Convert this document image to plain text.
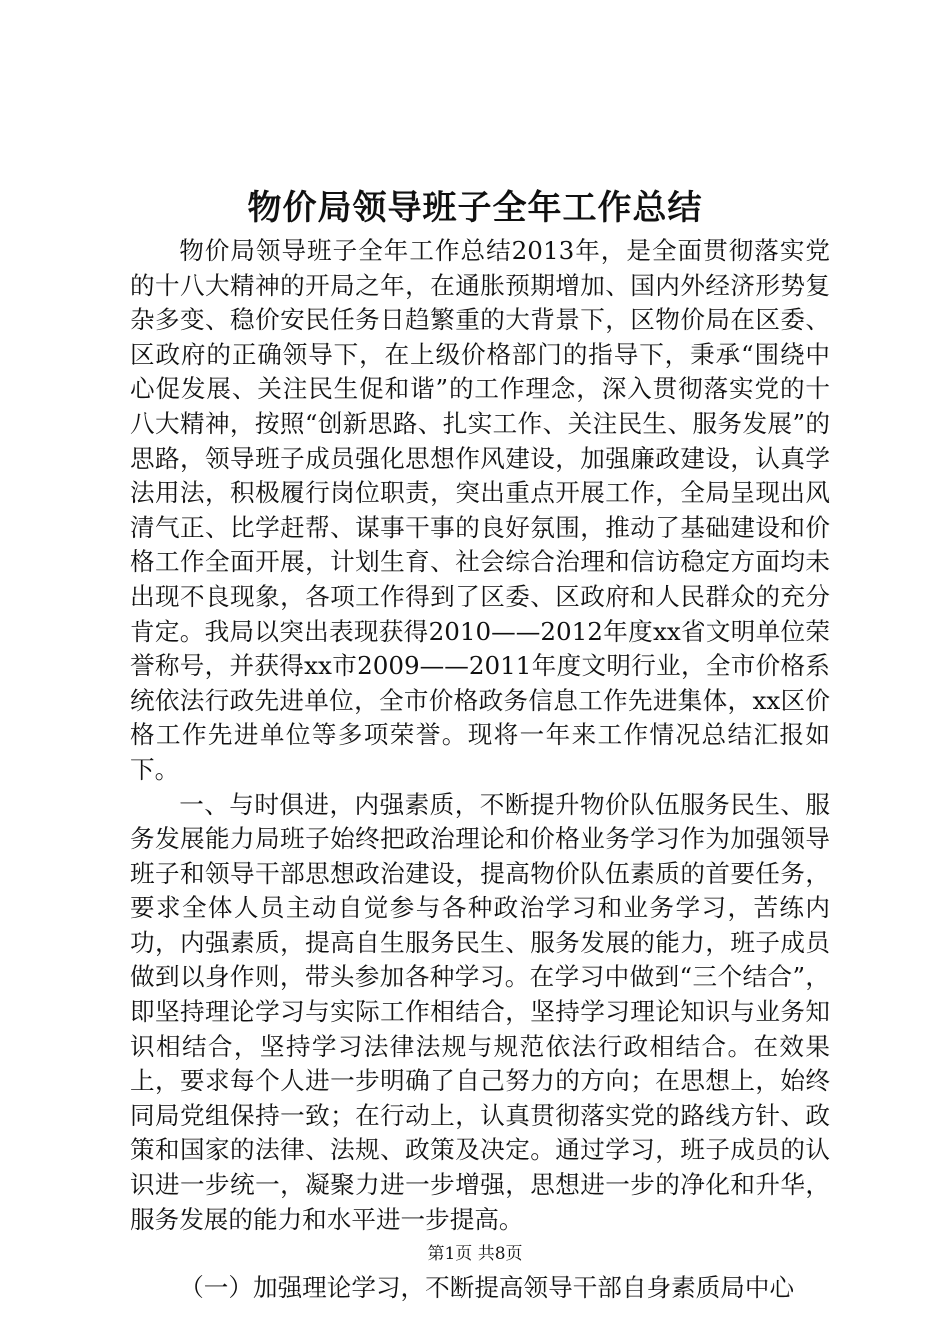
物价局领导班子全年工作总结

物价局领导班子全年工作总结2013年，是全面贯彻落实党的十八大精神的开局之年，在通胀预期增加、国内外经济形势复杂多变、稳价安民任务日趋繁重的大背景下，区物价局在区委、区政府的正确领导下，在上级价格部门的指导下，秉承“围绕中心促发展、关注民生促和谐”的工作理念，深入贯彻落实党的十八大精神，按照“创新思路、扎实工作、关注民生、服务发展”的思路，领导班子成员强化思想作风建设，加强廉政建设，认真学法用法，积极履行岗位职责，突出重点开展工作，全局呈现出风清气正、比学赶帮、谋事干事的良好氛围，推动了基础建设和价格工作全面开展，计划生育、社会综合治理和信访稳定方面均未出现不良现象，各项工作得到了区委、区政府和人民群众的充分肯定。我局以突出表现获得2010——2012年度xx省文明单位荣誉称号，并获得xx市2009——2011年度文明行业，全市价格系统依法行政先进单位，全市价格政务信息工作先进集体，xx区价格工作先进单位等多项荣誉。现将一年来工作情况总结汇报如下。

一、与时俱进，内强素质，不断提升物价队伍服务民生、服务发展能力局班子始终把政治理论和价格业务学习作为加强领导班子和领导干部思想政治建设，提高物价队伍素质的首要任务，要求全体人员主动自觉参与各种政治学习和业务学习，苦练内功，内强素质，提高自生服务民生、服务发展的能力，班子成员做到以身作则，带头参加各种学习。在学习中做到“三个结合”，即坚持理论学习与实际工作相结合，坚持学习理论知识与业务知识相结合，坚持学习法律法规与规范依法行政相结合。在效果上，要求每个人进一步明确了自己努力的方向；在思想上，始终同局党组保持一致；在行动上，认真贯彻落实党的路线方针、政策和国家的法律、法规、政策及决定。通过学习，班子成员的认识进一步统一，凝聚力进一步增强，思想进一步的净化和升华，服务发展的能力和水平进一步提高。

（一）加强理论学习，不断提高领导干部自身素质局中心

第1页 共8页
